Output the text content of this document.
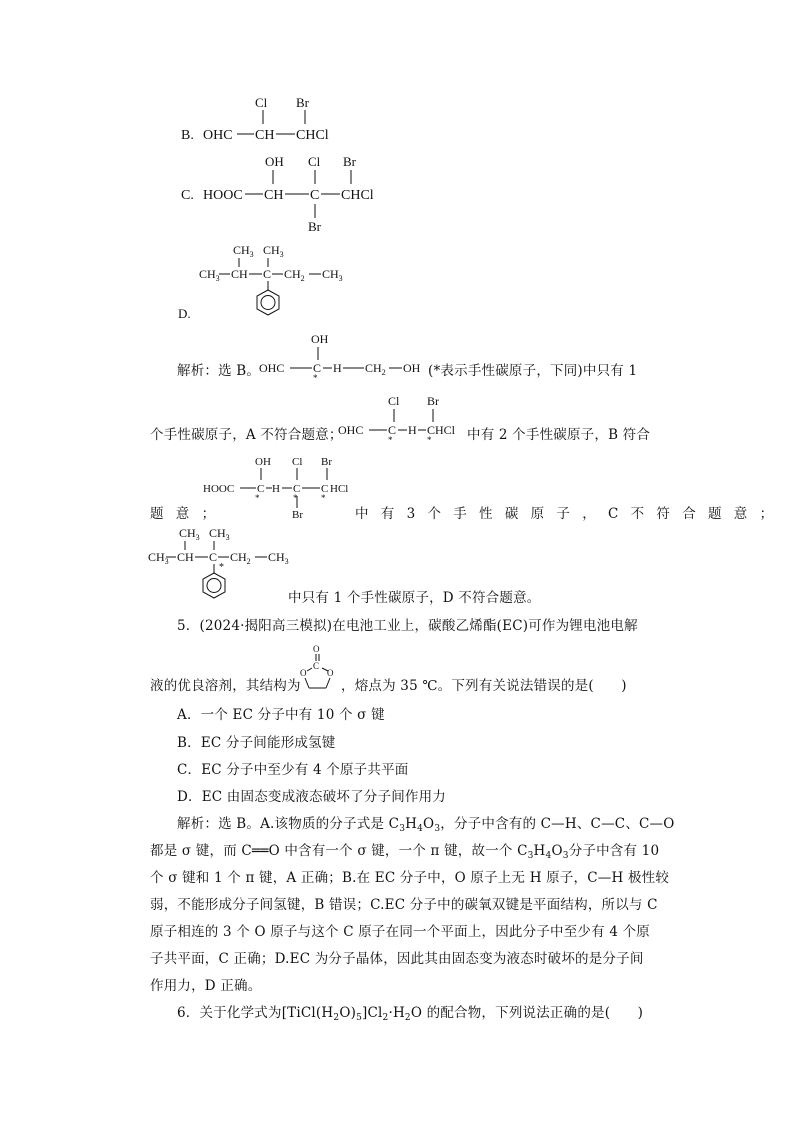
B.
Cl Br
OHC CH CHCl
C.
OH Cl Br
HOOC CH C CHCl
Br
D.
$CH_3$ $CH_3$
$CH_3$ CH C $CH_2$ $CH_3$
解析：选 B。
OH
OHC C
*
H $CH_2$ OH (*表示手性碳原子，下同)中只有 1
个手性碳原子，A 不符合题意；
Cl Br
OHC C
*
H CHCl
*	中有 2 个手性碳原子，B 符合
OH Cl Br
HOOC C
*
H C
*
C
*
HCl
Br
题 意 ；	中 有 3 个 手 性 碳 原 子 ， C 不 符 合 题 意 ；
$CH_3$ $CH_3$
$CH_3$ CH C
*
$CH_2$ $CH_3$
中只有 1 个手性碳原子，D 不符合题意。
5．(2024·揭阳高三模拟)在电池工业上，碳酸乙烯酯(EC)可作为锂电池电解
液的优良溶剂，其结构为
O
C
O O
，熔点为 35 ℃。下列有关说法错误的是(　　)
A．一个 EC 分子中有 10 个 σ 键
B．EC 分子间能形成氢键
C．EC 分子中至少有 4 个原子共平面
D．EC 由固态变成液态破坏了分子间作用力
解析：选 B。A.该物质的分子式是 $C_3H_4O_3$，分子中含有的 C—H、C—C、C—O
都是 σ 键，而 C══O 中含有一个 σ 键，一个 π 键，故一个 $C_3H_4O_3$分子中含有 10
个 σ 键和 1 个 π 键，A 正确；B.在 EC 分子中，O 原子上无 H 原子，C—H 极性较
弱，不能形成分子间氢键，B 错误；C.EC 分子中的碳氧双键是平面结构，所以与 C
原子相连的 3 个 O 原子与这个 C 原子在同一个平面上，因此分子中至少有 4 个原
子共平面，C 正确；D.EC 为分子晶体，因此其由固态变为液态时破坏的是分子间
作用力，D 正确。
6．关于化学式为$[TiCl(H_2O)_5]Cl_2\cdot H_2O$ 的配合物，下列说法正确的是(　　)
